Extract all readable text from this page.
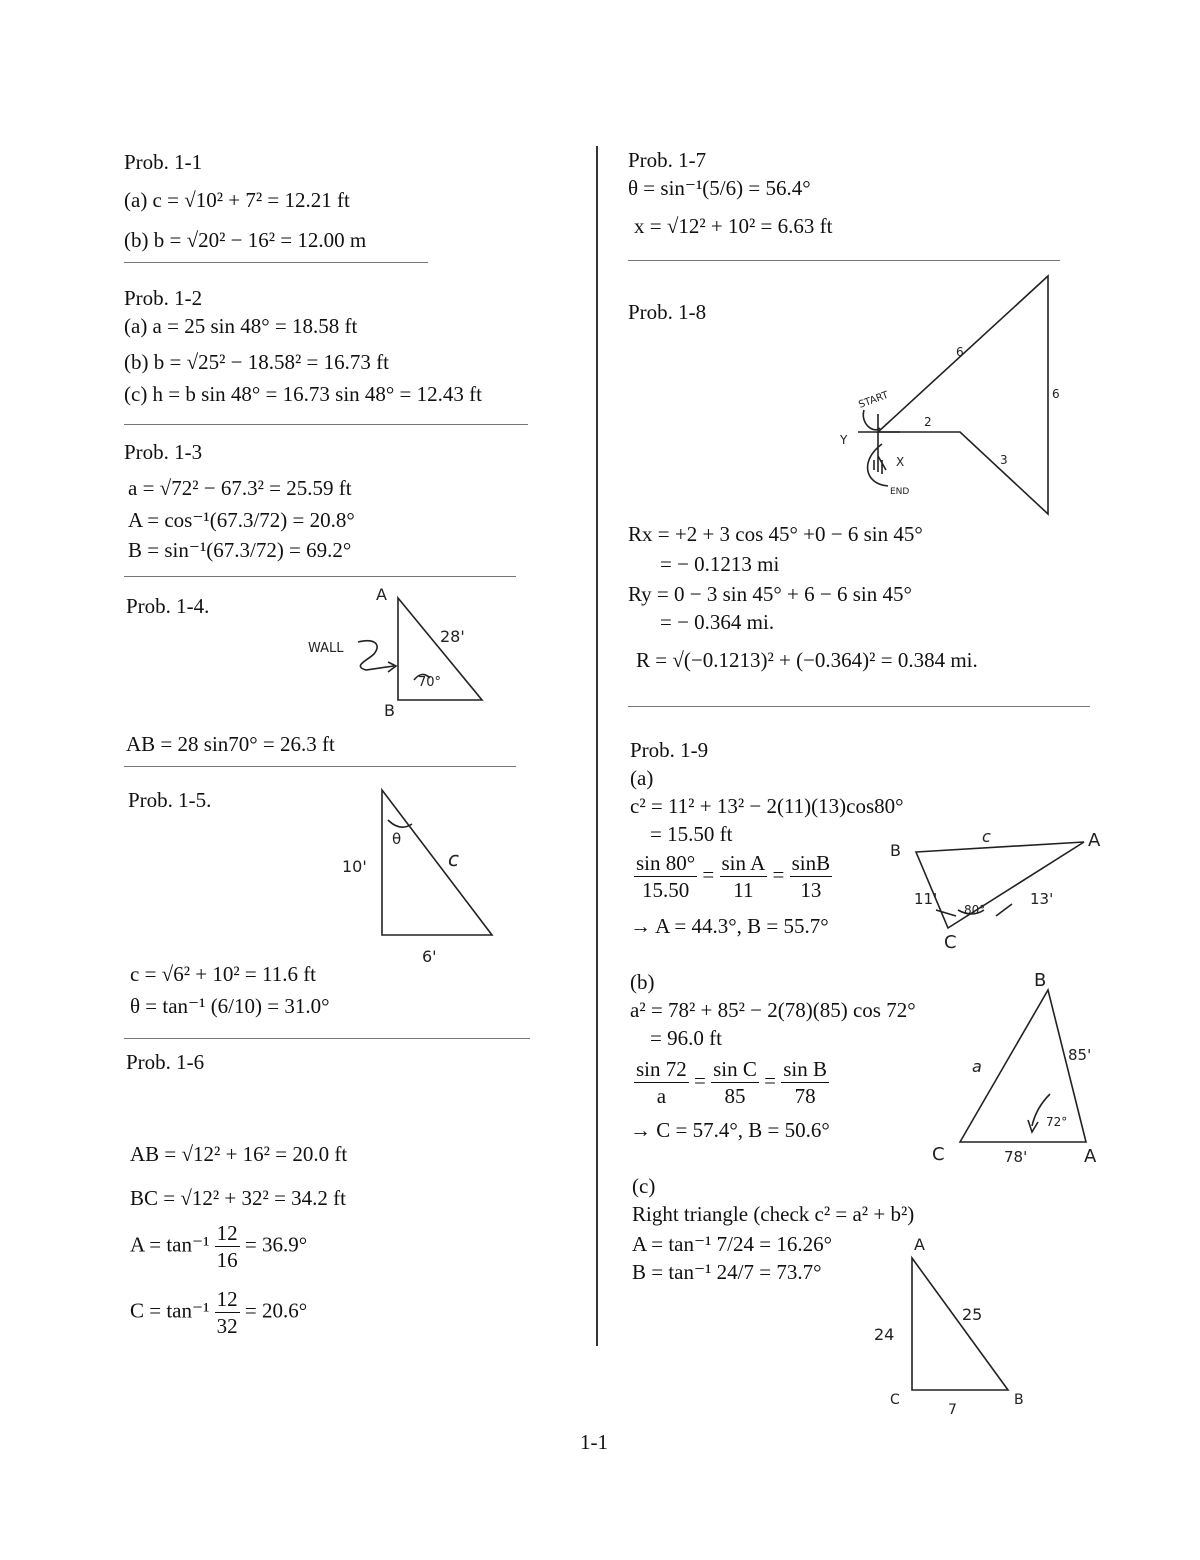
Prob. 1-1
(a) c = √10² + 7² = 12.21 ft
(b) b = √20² − 16² = 12.00 m
Prob. 1-2
(a) a = 25 sin 48° = 18.58 ft
(b) b = √25² − 18.58² = 16.73 ft
(c) h = b sin 48° = 16.73 sin 48° = 12.43 ft
Prob. 1-3
a = √72² − 67.3² = 25.59 ft
A = cos⁻¹(67.3/72) = 20.8°
B = sin⁻¹(67.3/72) = 69.2°
Prob. 1-4.
WALL
A
B
28'
70°
AB = 28 sin70° = 26.3 ft
Prob. 1-5.
10'
6'
c
θ
c = √6² + 10² = 11.6 ft
θ = tan⁻¹ (6/10) = 31.0°
Prob. 1-6
AB = √12² + 16² = 20.0 ft
BC = √12² + 32² = 34.2 ft
$A = \tan^{-1} \frac{12}{16} = 36.9^\circ$
$C = \tan^{-1} \frac{12}{32} = 20.6^\circ$
Prob. 1-7
θ = sin⁻¹(5/6) = 56.4°
x = √12² + 10² = 6.63 ft
Prob. 1-8
START
END
X
Y
2
3
6
6
Rx = +2 + 3 cos 45° +0 − 6 sin 45°
= − 0.1213 mi
Ry = 0 − 3 sin 45° + 6 − 6 sin 45°
= − 0.364 mi.
R = √(−0.1213)² + (−0.364)² = 0.384 mi.
Prob. 1-9
(a)
c² = 11² + 13² − 2(11)(13)cos80°
= 15.50 ft
$\frac{\sin 80^\circ}{15.50} = \frac{\text{sin A}}{11} = \frac{\sin B}{13}$
→ A = 44.3°, B = 55.7°
B	A
C
c
11'	13'
80°
(b)
a² = 78² + 85² − 2(78)(85) cos 72°
= 96.0 ft
$\frac{\sin 72}{a} = \frac{\text{sin C}}{85} = \frac{\text{sin B}}{78}$
→ C = 57.4°, B = 50.6°
B
C	A
a
85'
78'
72°
(c)
Right triangle (check c² = a² + b²)
A = tan⁻¹ 7/24 = 16.26°
B = tan⁻¹ 24/7 = 73.7°
A
C	B
24
25
7
1-1
